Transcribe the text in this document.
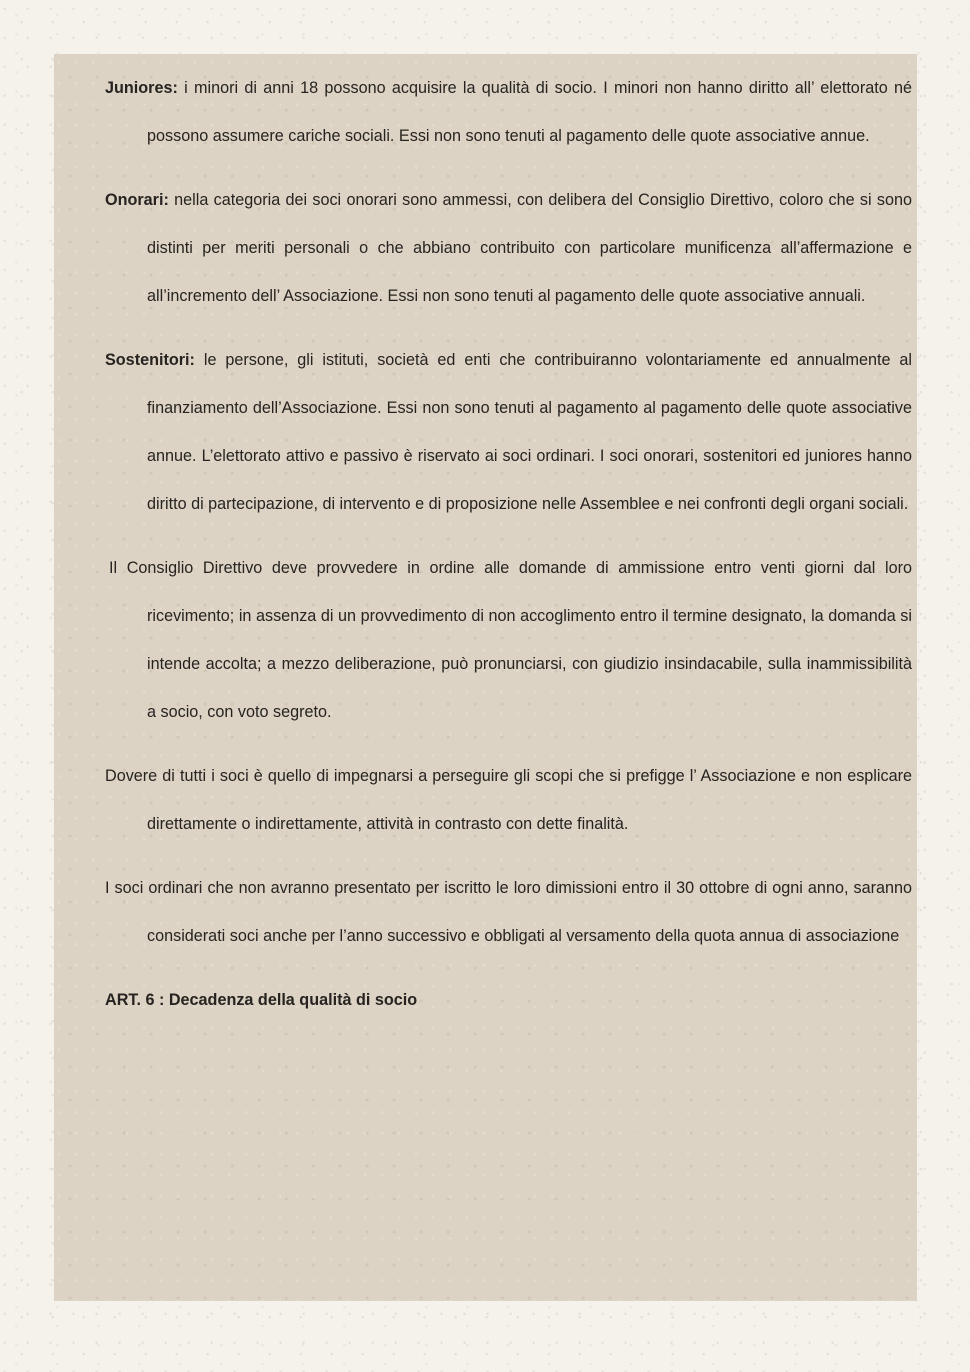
Juniores: i minori di anni 18 possono acquisire la qualità di socio. I minori non hanno diritto all’ elettorato né possono assumere cariche sociali. Essi non sono tenuti al pagamento delle quote associative annue.

Onorari: nella categoria dei soci onorari sono ammessi, con delibera del Consiglio Direttivo, coloro che si sono distinti per meriti personali o che abbiano contribuito con particolare munificenza all’affermazione e all’incremento dell’ Associazione. Essi non sono tenuti al pagamento delle quote associative annuali.

Sostenitori: le persone, gli istituti, società ed enti che contribuiranno volontariamente ed annualmente al finanziamento dell’Associazione. Essi non sono tenuti al pagamento al pagamento delle quote associative annue. L’elettorato attivo e passivo è riservato ai soci ordinari. I soci onorari, sostenitori ed juniores hanno diritto di partecipazione, di intervento e di proposizione nelle Assemblee e nei confronti degli organi sociali.

Il Consiglio Direttivo deve provvedere in ordine alle domande di ammissione entro venti giorni dal loro ricevimento; in assenza di un provvedimento di non accoglimento entro il termine designato, la domanda si intende accolta; a mezzo deliberazione, può pronunciarsi, con giudizio insindacabile, sulla inammissibilità a socio, con voto segreto.

Dovere di tutti i soci è quello di impegnarsi a perseguire gli scopi che si prefigge l’ Associazione e non esplicare direttamente o indirettamente, attività in contrasto con dette finalità.

I soci ordinari che non avranno presentato per iscritto le loro dimissioni entro il 30 ottobre di ogni anno, saranno considerati soci anche per l’anno successivo e obbligati al versamento della quota annua di associazione

ART. 6 : Decadenza della qualità di socio
